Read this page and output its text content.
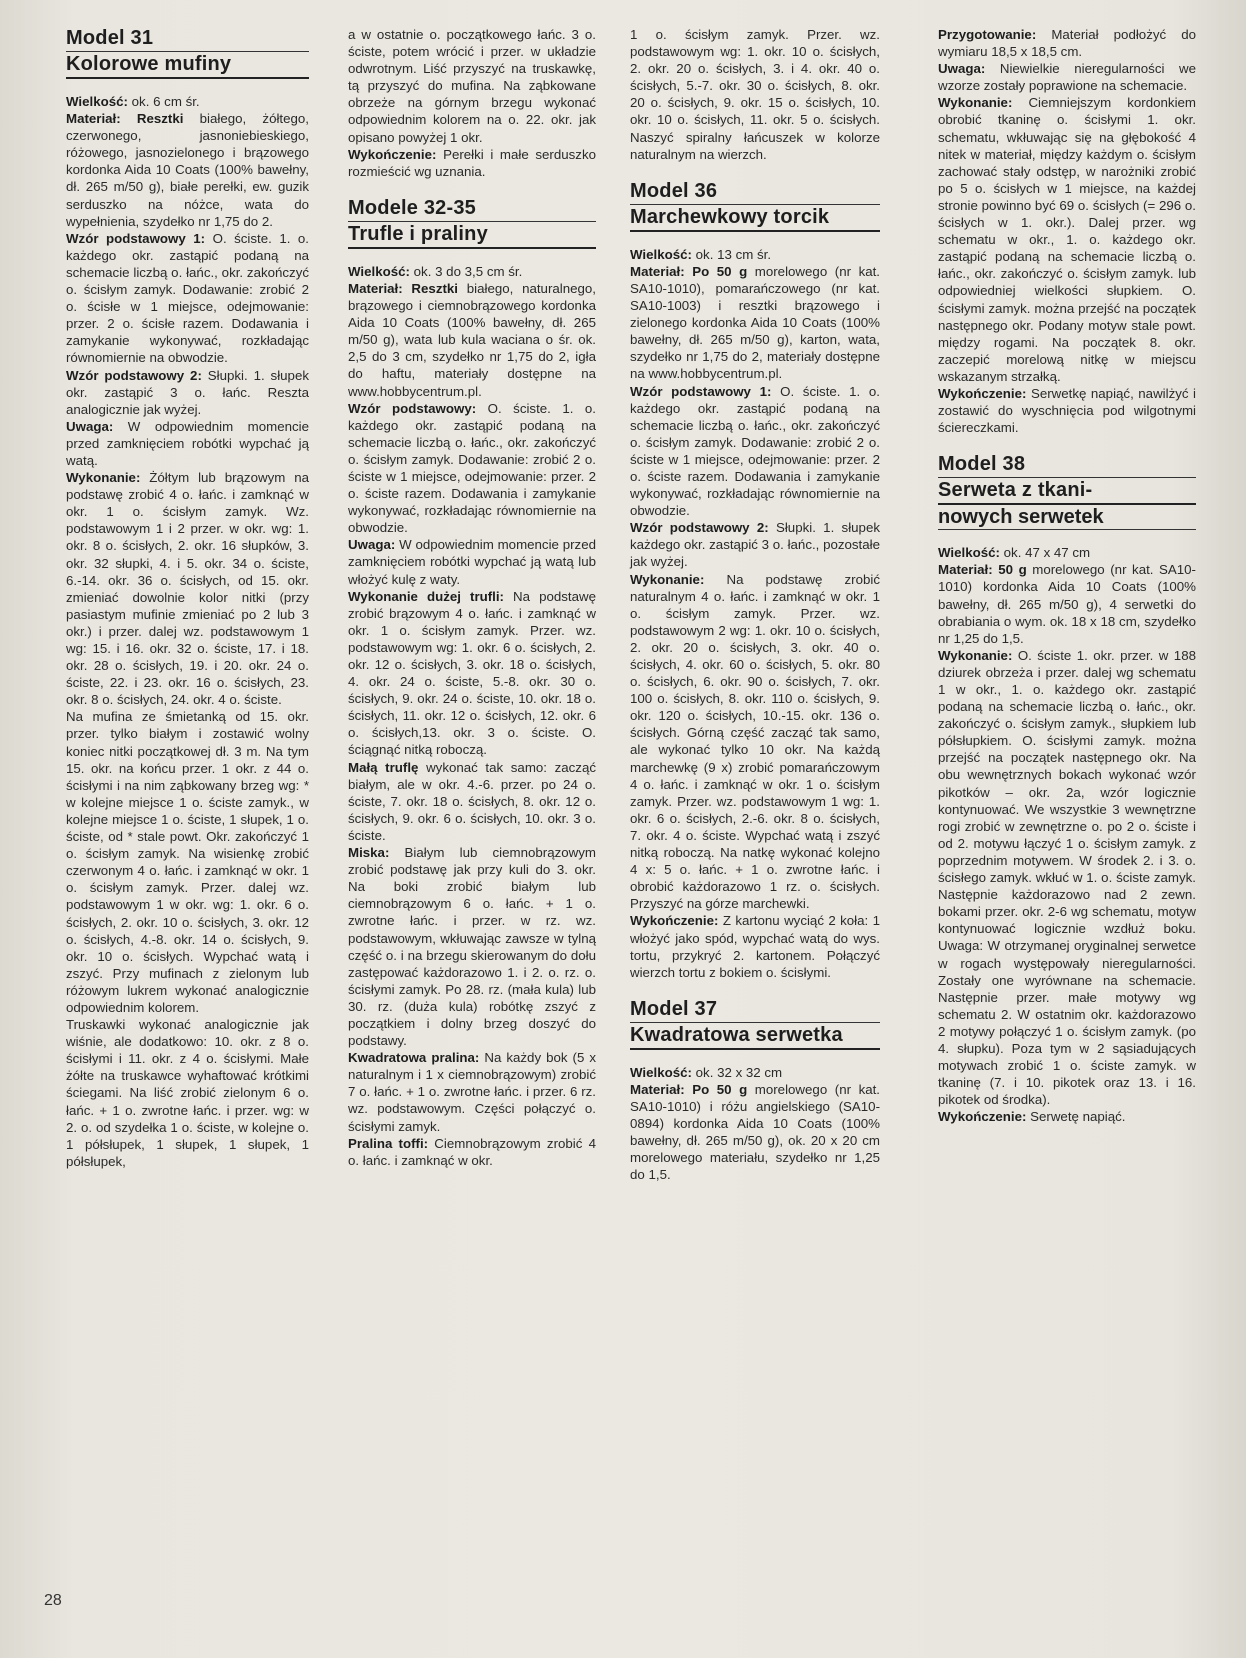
Model 31
Kolorowe mufiny

Wielkość: ok. 6 cm śr.

Materiał: Resztki białego, żółtego, czerwonego, jasnoniebieskiego, różowego, jasnozielonego i brązowego kordonka Aida 10 Coats (100% bawełny, dł. 265 m/50 g), białe perełki, ew. guzik serduszko na nóżce, wata do wypełnienia, szydełko nr 1,75 do 2.

Wzór podstawowy 1: O. ściste. 1. o. każdego okr. zastąpić podaną na schemacie liczbą o. łańc., okr. zakończyć o. ścisłym zamyk. Dodawanie: zrobić 2 o. ścisłe w 1 miejsce, odejmowanie: przer. 2 o. ścisłe razem. Dodawania i zamykanie wykonywać, rozkładając równomiernie na obwodzie.

Wzór podstawowy 2: Słupki. 1. słupek okr. zastąpić 3 o. łańc. Reszta analogicznie jak wyżej.

Uwaga: W odpowiednim momencie przed zamknięciem robótki wypchać ją watą.

Wykonanie: Żółtym lub brązowym na podstawę zrobić 4 o. łańc. i zamknąć w okr. 1 o. ścisłym zamyk. Wz. podstawowym 1 i 2 przer. w okr. wg: 1. okr. 8 o. ścisłych, 2. okr. 16 słupków, 3. okr. 32 słupki, 4. i 5. okr. 34 o. ściste, 6.-14. okr. 36 o. ścisłych, od 15. okr. zmieniać dowolnie kolor nitki (przy pasiastym mufinie zmieniać po 2 lub 3 okr.) i przer. dalej wz. podstawowym 1 wg: 15. i 16. okr. 32 o. ściste, 17. i 18. okr. 28 o. ścisłych, 19. i 20. okr. 24 o. ściste, 22. i 23. okr. 16 o. ścisłych, 23. okr. 8 o. ścisłych, 24. okr. 4 o. ściste.

Na mufina ze śmietanką od 15. okr. przer. tylko białym i zostawić wolny koniec nitki początkowej dł. 3 m. Na tym 15. okr. na końcu przer. 1 okr. z 44 o. ścisłymi i na nim ząbkowany brzeg wg: * w kolejne miejsce 1 o. ściste zamyk., w kolejne miejsce 1 o. ściste, 1 słupek, 1 o. ściste, od * stale powt. Okr. zakończyć 1 o. ścisłym zamyk. Na wisienkę zrobić czerwonym 4 o. łańc. i zamknąć w okr. 1 o. ścisłym zamyk. Przer. dalej wz. podstawowym 1 w okr. wg: 1. okr. 6 o. ścisłych, 2. okr. 10 o. ścisłych, 3. okr. 12 o. ścisłych, 4.-8. okr. 14 o. ścisłych, 9. okr. 10 o. ścisłych. Wypchać watą i zszyć. Przy mufinach z zielonym lub różowym lukrem wykonać analogicznie odpowiednim kolorem.

Truskawki wykonać analogicznie jak wiśnie, ale dodatkowo: 10. okr. z 8 o. ścisłymi i 11. okr. z 4 o. ścisłymi. Małe żółte na truskawce wyhaftować krótkimi ściegami. Na liść zrobić zielonym 6 o. łańc. + 1 o. zwrotne łańc. i przer. wg: w 2. o. od szydełka 1 o. ściste, w kolejne o. 1 półsłupek, 1 słupek, 1 słupek, 1 półsłupek,

a w ostatnie o. początkowego łańc. 3 o. ściste, potem wrócić i przer. w układzie odwrotnym. Liść przyszyć na truskawkę, tą przyszyć do mufina. Na ząbkowane obrzeże na górnym brzegu wykonać odpowiednim kolorem na o. 22. okr. jak opisano powyżej 1 okr.

Wykończenie: Perełki i małe serduszko rozmieścić wg uznania.

Modele 32-35
Trufle i praliny

Wielkość: ok. 3 do 3,5 cm śr.

Materiał: Resztki białego, naturalnego, brązowego i ciemnobrązowego kordonka Aida 10 Coats (100% bawełny, dł. 265 m/50 g), wata lub kula waciana o śr. ok. 2,5 do 3 cm, szydełko nr 1,75 do 2, igła do haftu, materiały dostępne na www.hobbycentrum.pl.

Wzór podstawowy: O. ściste. 1. o. każdego okr. zastąpić podaną na schemacie liczbą o. łańc., okr. zakończyć o. ścisłym zamyk. Dodawanie: zrobić 2 o. ściste w 1 miejsce, odejmowanie: przer. 2 o. ściste razem. Dodawania i zamykanie wykonywać, rozkładając równomiernie na obwodzie.

Uwaga: W odpowiednim momencie przed zamknięciem robótki wypchać ją watą lub włożyć kulę z waty.

Wykonanie dużej trufli: Na podstawę zrobić brązowym 4 o. łańc. i zamknąć w okr. 1 o. ścisłym zamyk. Przer. wz. podstawowym wg: 1. okr. 6 o. ścisłych, 2. okr. 12 o. ścisłych, 3. okr. 18 o. ścisłych, 4. okr. 24 o. ściste, 5.-8. okr. 30 o. ścisłych, 9. okr. 24 o. ściste, 10. okr. 18 o. ścisłych, 11. okr. 12 o. ścisłych, 12. okr. 6 o. ścisłych,13. okr. 3 o. ściste. O. ściągnąć nitką roboczą.

Małą truflę wykonać tak samo: zacząć białym, ale w okr. 4.-6. przer. po 24 o. ściste, 7. okr. 18 o. ścisłych, 8. okr. 12 o. ścisłych, 9. okr. 6 o. ścisłych, 10. okr. 3 o. ściste.

Miska: Białym lub ciemnobrązowym zrobić podstawę jak przy kuli do 3. okr. Na boki zrobić białym lub ciemnobrązowym 6 o. łańc. + 1 o. zwrotne łańc. i przer. w rz. wz. podstawowym, wkłuwając zawsze w tylną część o. i na brzegu skierowanym do dołu zastępować każdorazowo 1. i 2. o. rz. o. ścisłymi zamyk. Po 28. rz. (mała kula) lub 30. rz. (duża kula) robótkę zszyć z początkiem i dolny brzeg doszyć do podstawy.

Kwadratowa pralina: Na każdy bok (5 x naturalnym i 1 x ciemnobrązowym) zrobić 7 o. łańc. + 1 o. zwrotne łańc. i przer. 6 rz. wz. podstawowym. Części połączyć o. ścisłymi zamyk.

Pralina toffi: Ciemnobrązowym zrobić 4 o. łańc. i zamknąć w okr.

1 o. ścisłym zamyk. Przer. wz. podstawowym wg: 1. okr. 10 o. ścisłych, 2. okr. 20 o. ścisłych, 3. i 4. okr. 40 o. ścisłych, 5.-7. okr. 30 o. ścisłych, 8. okr. 20 o. ścisłych, 9. okr. 15 o. ścisłych, 10. okr. 10 o. ścisłych, 11. okr. 5 o. ścisłych. Naszyć spiralny łańcuszek w kolorze naturalnym na wierzch.

Model 36
Marchewkowy torcik

Wielkość: ok. 13 cm śr.

Materiał: Po 50 g morelowego (nr kat. SA10-1010), pomarańczowego (nr kat. SA10-1003) i resztki brązowego i zielonego kordonka Aida 10 Coats (100% bawełny, dł. 265 m/50 g), karton, wata, szydełko nr 1,75 do 2, materiały dostępne na www.hobbycentrum.pl.

Wzór podstawowy 1: O. ściste. 1. o. każdego okr. zastąpić podaną na schemacie liczbą o. łańc., okr. zakończyć o. ścisłym zamyk. Dodawanie: zrobić 2 o. ściste w 1 miejsce, odejmowanie: przer. 2 o. ściste razem. Dodawania i zamykanie wykonywać, rozkładając równomiernie na obwodzie.

Wzór podstawowy 2: Słupki. 1. słupek każdego okr. zastąpić 3 o. łańc., pozostałe jak wyżej.

Wykonanie: Na podstawę zrobić naturalnym 4 o. łańc. i zamknąć w okr. 1 o. ścisłym zamyk. Przer. wz. podstawowym 2 wg: 1. okr. 10 o. ścisłych, 2. okr. 20 o. ścisłych, 3. okr. 40 o. ścisłych, 4. okr. 60 o. ścisłych, 5. okr. 80 o. ścisłych, 6. okr. 90 o. ścisłych, 7. okr. 100 o. ścisłych, 8. okr. 110 o. ścisłych, 9. okr. 120 o. ścisłych, 10.-15. okr. 136 o. ścisłych. Górną część zacząć tak samo, ale wykonać tylko 10 okr. Na każdą marchewkę (9 x) zrobić pomarańczowym 4 o. łańc. i zamknąć w okr. 1 o. ścisłym zamyk. Przer. wz. podstawowym 1 wg: 1. okr. 6 o. ścisłych, 2.-6. okr. 8 o. ścisłych, 7. okr. 4 o. ściste. Wypchać watą i zszyć nitką roboczą. Na natkę wykonać kolejno 4 x: 5 o. łańc. + 1 o. zwrotne łańc. i obrobić każdorazowo 1 rz. o. ścisłych. Przyszyć na górze marchewki.

Wykończenie: Z kartonu wyciąć 2 koła: 1 włożyć jako spód, wypchać watą do wys. tortu, przykryć 2. kartonem. Połączyć wierzch tortu z bokiem o. ścisłymi.

Model 37
Kwadratowa serwetka

Wielkość: ok. 32 x 32 cm

Materiał: Po 50 g morelowego (nr kat. SA10-1010) i różu angielskiego (SA10-0894) kordonka Aida 10 Coats (100% bawełny, dł. 265 m/50 g), ok. 20 x 20 cm morelowego materiału, szydełko nr 1,25 do 1,5.

Przygotowanie: Materiał podłożyć do wymiaru 18,5 x 18,5 cm.

Uwaga: Niewielkie nieregularności we wzorze zostały poprawione na schemacie.

Wykonanie: Ciemniejszym kordonkiem obrobić tkaninę o. ścisłymi 1. okr. schematu, wkłuwając się na głębokość 4 nitek w materiał, między każdym o. ścisłym zachować stały odstęp, w narożniki zrobić po 5 o. ścisłych w 1 miejsce, na każdej stronie powinno być 69 o. ścisłych (= 296 o. ścisłych w 1. okr.). Dalej przer. wg schematu w okr., 1. o. każdego okr. zastąpić podaną na schemacie liczbą o. łańc., okr. zakończyć o. ścisłym zamyk. lub odpowiedniej wielkości słupkiem. O. ścisłymi zamyk. można przejść na początek następnego okr. Podany motyw stale powt. między rogami. Na początek 8. okr. zaczepić morelową nitkę w miejscu wskazanym strzałką.

Wykończenie: Serwetkę napiąć, nawilżyć i zostawić do wyschnięcia pod wilgotnymi ściereczkami.

Model 38
Serweta z tkani-
nowych serwetek

Wielkość: ok. 47 x 47 cm

Materiał: 50 g morelowego (nr kat. SA10-1010) kordonka Aida 10 Coats (100% bawełny, dł. 265 m/50 g), 4 serwetki do obrabiania o wym. ok. 18 x 18 cm, szydełko nr 1,25 do 1,5.

Wykonanie: O. ściste 1. okr. przer. w 188 dziurek obrzeża i przer. dalej wg schematu 1 w okr., 1. o. każdego okr. zastąpić podaną na schemacie liczbą o. łańc., okr. zakończyć o. ścisłym zamyk., słupkiem lub półsłupkiem. O. ścisłymi zamyk. można przejść na początek następnego okr. Na obu wewnętrznych bokach wykonać wzór pikotków – okr. 2a, wzór logicznie kontynuować. We wszystkie 3 wewnętrzne rogi zrobić w zewnętrzne o. po 2 o. ściste i od 2. motywu łączyć 1 o. ścisłym zamyk. z poprzednim motywem. W środek 2. i 3. o. ścisłego zamyk. wkłuć w 1. o. ściste zamyk. Następnie każdorazowo nad 2 zewn. bokami przer. okr. 2-6 wg schematu, motyw kontynuować logicznie wzdłuż boku. Uwaga: W otrzymanej oryginalnej serwetce w rogach występowały nieregularności. Zostały one wyrównane na schemacie. Następnie przer. małe motywy wg schematu 2. W ostatnim okr. każdorazowo 2 motywy połączyć 1 o. ścisłym zamyk. (po 4. słupku). Poza tym w 2 sąsiadujących motywach zrobić 1 o. ściste zamyk. w tkaninę (7. i 10. pikotek oraz 13. i 16. pikotek od środka).

Wykończenie: Serwetę napiąć.

28
